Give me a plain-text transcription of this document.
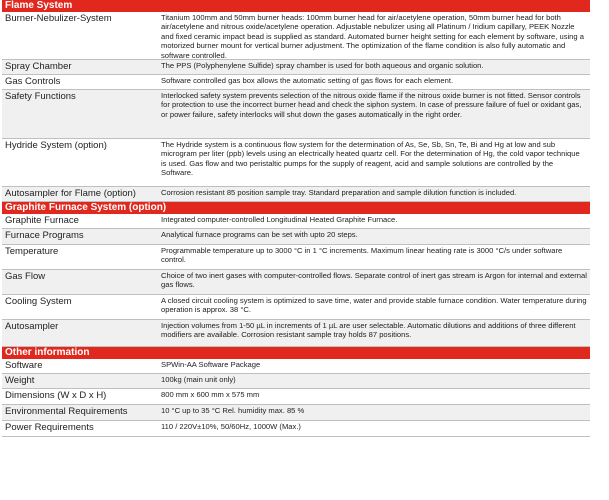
Flame System
Burner-Nebulizer-System	Titanium 100mm and 50mm burner heads: 100mm burner head for air/acetylene operation, 50mm burner head for both air/acetylene and nitrous oxide/acetylene operation. Adjustable nebulizer using all Platinum / Iridium capillary, PEEK Nozzle and fixed ceramic impact bead is supplied as standard. Automated burner height setting for each element by software, using a motorized burner mount for vertical burner adjustment. The optimization of the flame condition is also fully automatic and software controlled.
Spray Chamber	The PPS (Polyphenylene Sulfide) spray chamber is used for both aqueous and organic solution.
Gas Controls	Software controlled gas box allows the automatic setting of gas flows for each element.
Safety Functions	Interlocked safety system prevents selection of the nitrous oxide flame if the nitrous oxide burner is not fitted. Sensor controls for protection to use the incorrect burner head and check the siphon system. In case of pressure failure of fuel or oxidant gas, or power failure, safety interlocks will shut down the gases automatically in the right order.
Hydride System (option)	The Hydride system is a continuous flow system for the determination of As, Se, Sb, Sn, Te, Bi and Hg at low and sub microgram per liter (ppb) levels using an electrically heated quartz cell. For the determination of Hg, the cold vapor technique is used. Gas flow and two peristaltic pumps for the supply of reagent, acid and sample solutions are controlled by the Software.
Autosampler for Flame (option)	Corrosion resistant 85 position sample tray. Standard preparation and sample dilution function is included.
Graphite Furnace System (option)
Graphite Furnace	Integrated computer-controlled Longitudinal Heated Graphite Furnace.
Furnace Programs	Analytical furnace programs can be set with upto 20 steps.
Temperature	Programmable temperature up to 3000 °C in 1 °C increments. Maximum linear heating rate is 3000 °C/s under software control.
Gas Flow	Choice of two inert gases with computer-controlled flows. Separate control of inert gas stream is Argon for internal and external gas flows.
Cooling System	A closed circuit cooling system is optimized to save time, water and provide stable furnace condition. Water temperature during operation is approx. 38 °C.
Autosampler	Injection volumes from 1-50 µL in increments of 1 µL are user selectable. Automatic dilutions and additions of three different modifiers are available. Corrosion resistant sample tray holds 87 positions.
Other information
Software	SPWin-AA Software Package
Weight	100kg (main unit only)
Dimensions (W x D x H)	800 mm x 600 mm x 575 mm
Environmental Requirements	10 °C up to 35 °C Rel. humidity max. 85 %
Power Requirements	110 / 220V±10%, 50/60Hz, 1000W (Max.)
